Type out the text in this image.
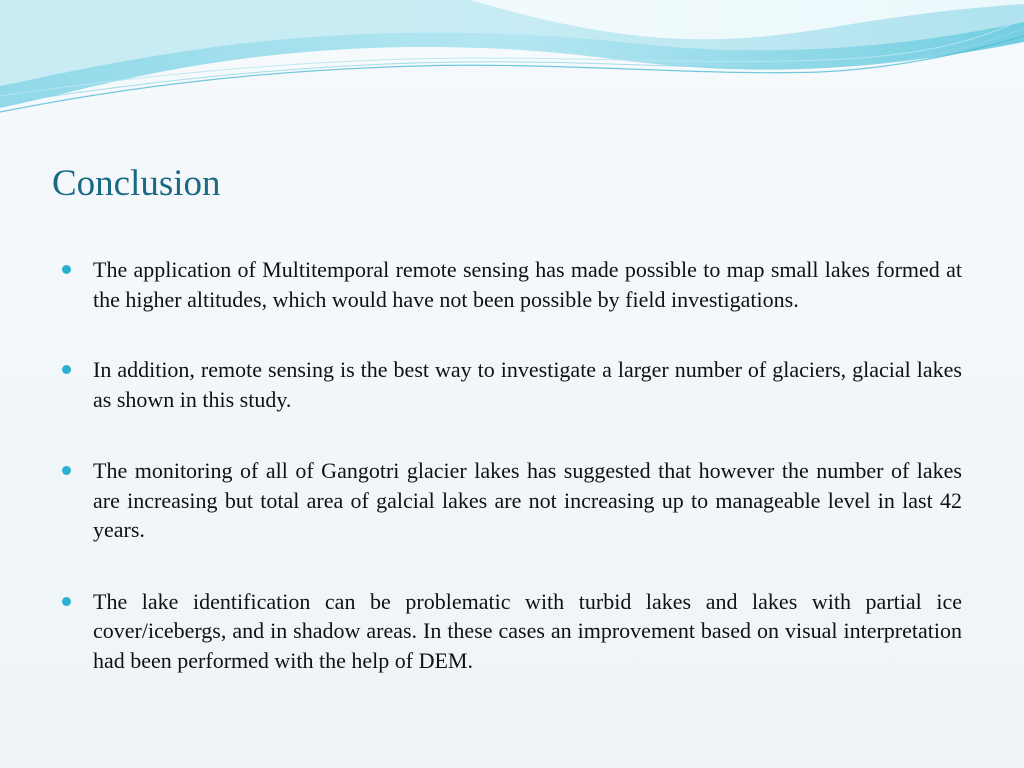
Conclusion
The application of Multitemporal remote sensing has made possible to map small lakes formed at the higher altitudes, which would have not been possible by field investigations.
In addition, remote sensing is the best way to investigate a larger number of glaciers, glacial lakes as shown in this study.
The monitoring of all of Gangotri glacier lakes has suggested that however the number of lakes are increasing but total area of galcial lakes are not increasing up to manageable level in last 42 years.
The lake identification can be problematic with turbid lakes and lakes with partial ice cover/icebergs, and in shadow areas. In these cases an improvement based on visual interpretation had been performed with the help of DEM.
